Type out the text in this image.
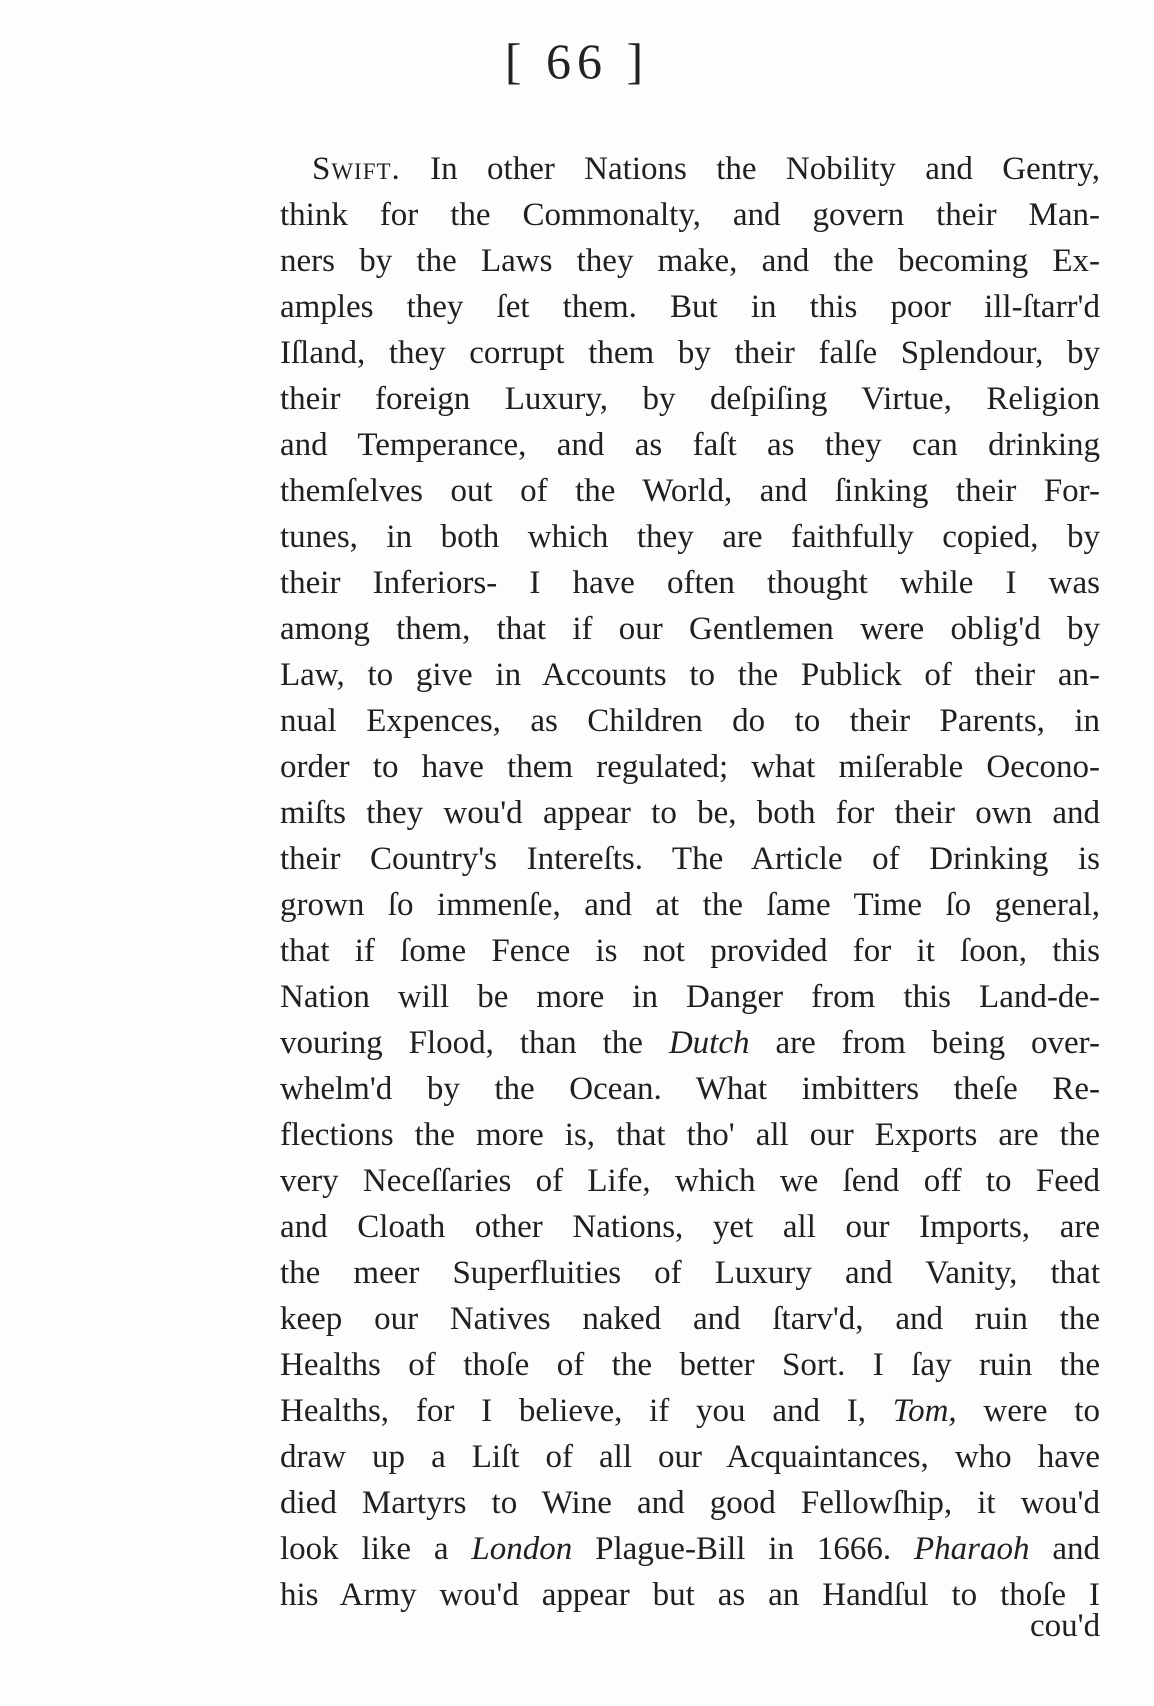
[ 66 ]
Swift. In other Nations the Nobility and Gentry,
think for the Commonalty, and govern their Man-
ners by the Laws they make, and the becoming Ex-
amples they ſet them. But in this poor ill-ſtarr'd
Iſland, they corrupt them by their falſe Splendour, by
their foreign Luxury, by deſpiſing Virtue, Religion
and Temperance, and as faſt as they can drinking
themſelves out of the World, and ſinking their For-
tunes, in both which they are faithfully copied, by
their Inferiors- I have often thought while I was
among them, that if our Gentlemen were oblig'd by
Law, to give in Accounts to the Publick of their an-
nual Expences, as Children do to their Parents, in
order to have them regulated; what miſerable Oecono-
miſts they wou'd appear to be, both for their own and
their Country's Intereſts. The Article of Drinking is
grown ſo immenſe, and at the ſame Time ſo general,
that if ſome Fence is not provided for it ſoon, this
Nation will be more in Danger from this Land-de-
vouring Flood, than the Dutch are from being over-
whelm'd by the Ocean. What imbitters theſe Re-
flections the more is, that tho' all our Exports are the
very Neceſſaries of Life, which we ſend off to Feed
and Cloath other Nations, yet all our Imports, are
the meer Superfluities of Luxury and Vanity, that
keep our Natives naked and ſtarv'd, and ruin the
Healths of thoſe of the better Sort. I ſay ruin the
Healths, for I believe, if you and I, Tom, were to
draw up a Liſt of all our Acquaintances, who have
died Martyrs to Wine and good Fellowſhip, it wou'd
look like a London Plague-Bill in 1666. Pharaoh and
his Army wou'd appear but as an Handſul to thoſe I
cou'd
